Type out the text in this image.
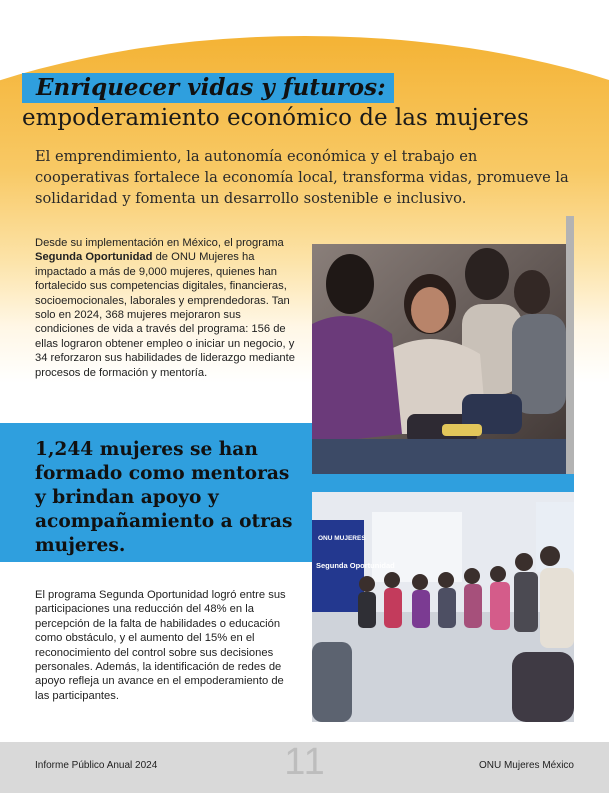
Enriquecer vidas y futuros: empoderamiento económico de las mujeres

El emprendimiento, la autonomía económica y el trabajo en cooperativas fortalece la economía local, transforma vidas, promueve la solidaridad y fomenta un desarrollo sostenible e inclusivo.

Desde su implementación en México, el programa Segunda Oportunidad de ONU Mujeres ha impactado a más de 9,000 mujeres, quienes han fortalecido sus competencias digitales, financieras, socioemocionales, laborales y emprendedoras. Tan solo en 2024, 368 mujeres mejoraron sus condiciones de vida a través del programa: 156 de ellas lograron obtener empleo o iniciar un negocio, y 34 reforzaron sus habilidades de liderazgo mediante procesos de formación y mentoría.

1,244 mujeres se han formado como mentoras y brindan apoyo y acompañamiento a otras mujeres.

El programa Segunda Oportunidad logró entre sus participaciones una reducción del 48% en la percepción de la falta de habilidades o educación como obstáculo, y el aumento del 15% en el reconocimiento del control sobre sus decisiones personales. Además, la identificación de redes de apoyo refleja un avance en el empoderamiento de las participantes.

ONU MUJERES
Segunda Oportunidad
Informe Público Anual 2024	11	ONU Mujeres México
